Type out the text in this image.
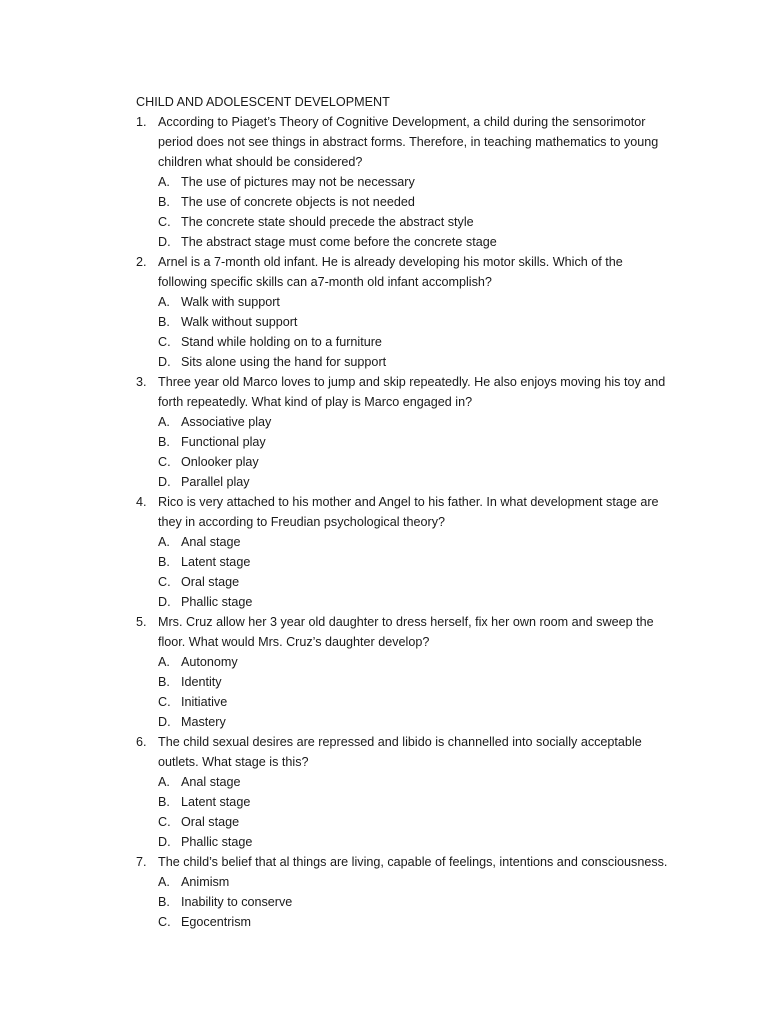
CHILD AND ADOLESCENT DEVELOPMENT
1. According to Piaget’s Theory of Cognitive Development, a child during the sensorimotor period does not see things in abstract forms. Therefore, in teaching mathematics to young children what should be considered?
A. The use of pictures may not be necessary
B. The use of concrete objects is not needed
C. The concrete state should precede the abstract style
D. The abstract stage must come before the concrete stage
2. Arnel is a 7-month old infant. He is already developing his motor skills. Which of the following specific skills can a7-month old infant accomplish?
A. Walk with support
B. Walk without support
C. Stand while holding on to a furniture
D. Sits alone using the hand for support
3. Three year old Marco loves to jump and skip repeatedly. He also enjoys moving his toy and forth repeatedly. What kind of play is Marco engaged in?
A. Associative play
B. Functional play
C. Onlooker play
D. Parallel play
4. Rico is very attached to his mother and Angel to his father. In what development stage are they in according to Freudian psychological theory?
A. Anal stage
B. Latent stage
C. Oral stage
D. Phallic stage
5. Mrs. Cruz allow her 3 year old daughter to dress herself, fix her own room and sweep the floor. What would Mrs. Cruz’s daughter develop?
A. Autonomy
B. Identity
C. Initiative
D. Mastery
6. The child sexual desires are repressed and libido is channelled into socially acceptable outlets. What stage is this?
A. Anal stage
B. Latent stage
C. Oral stage
D. Phallic stage
7. The child’s belief that al things are living, capable of feelings, intentions and consciousness.
A. Animism
B. Inability to conserve
C. Egocentrism
